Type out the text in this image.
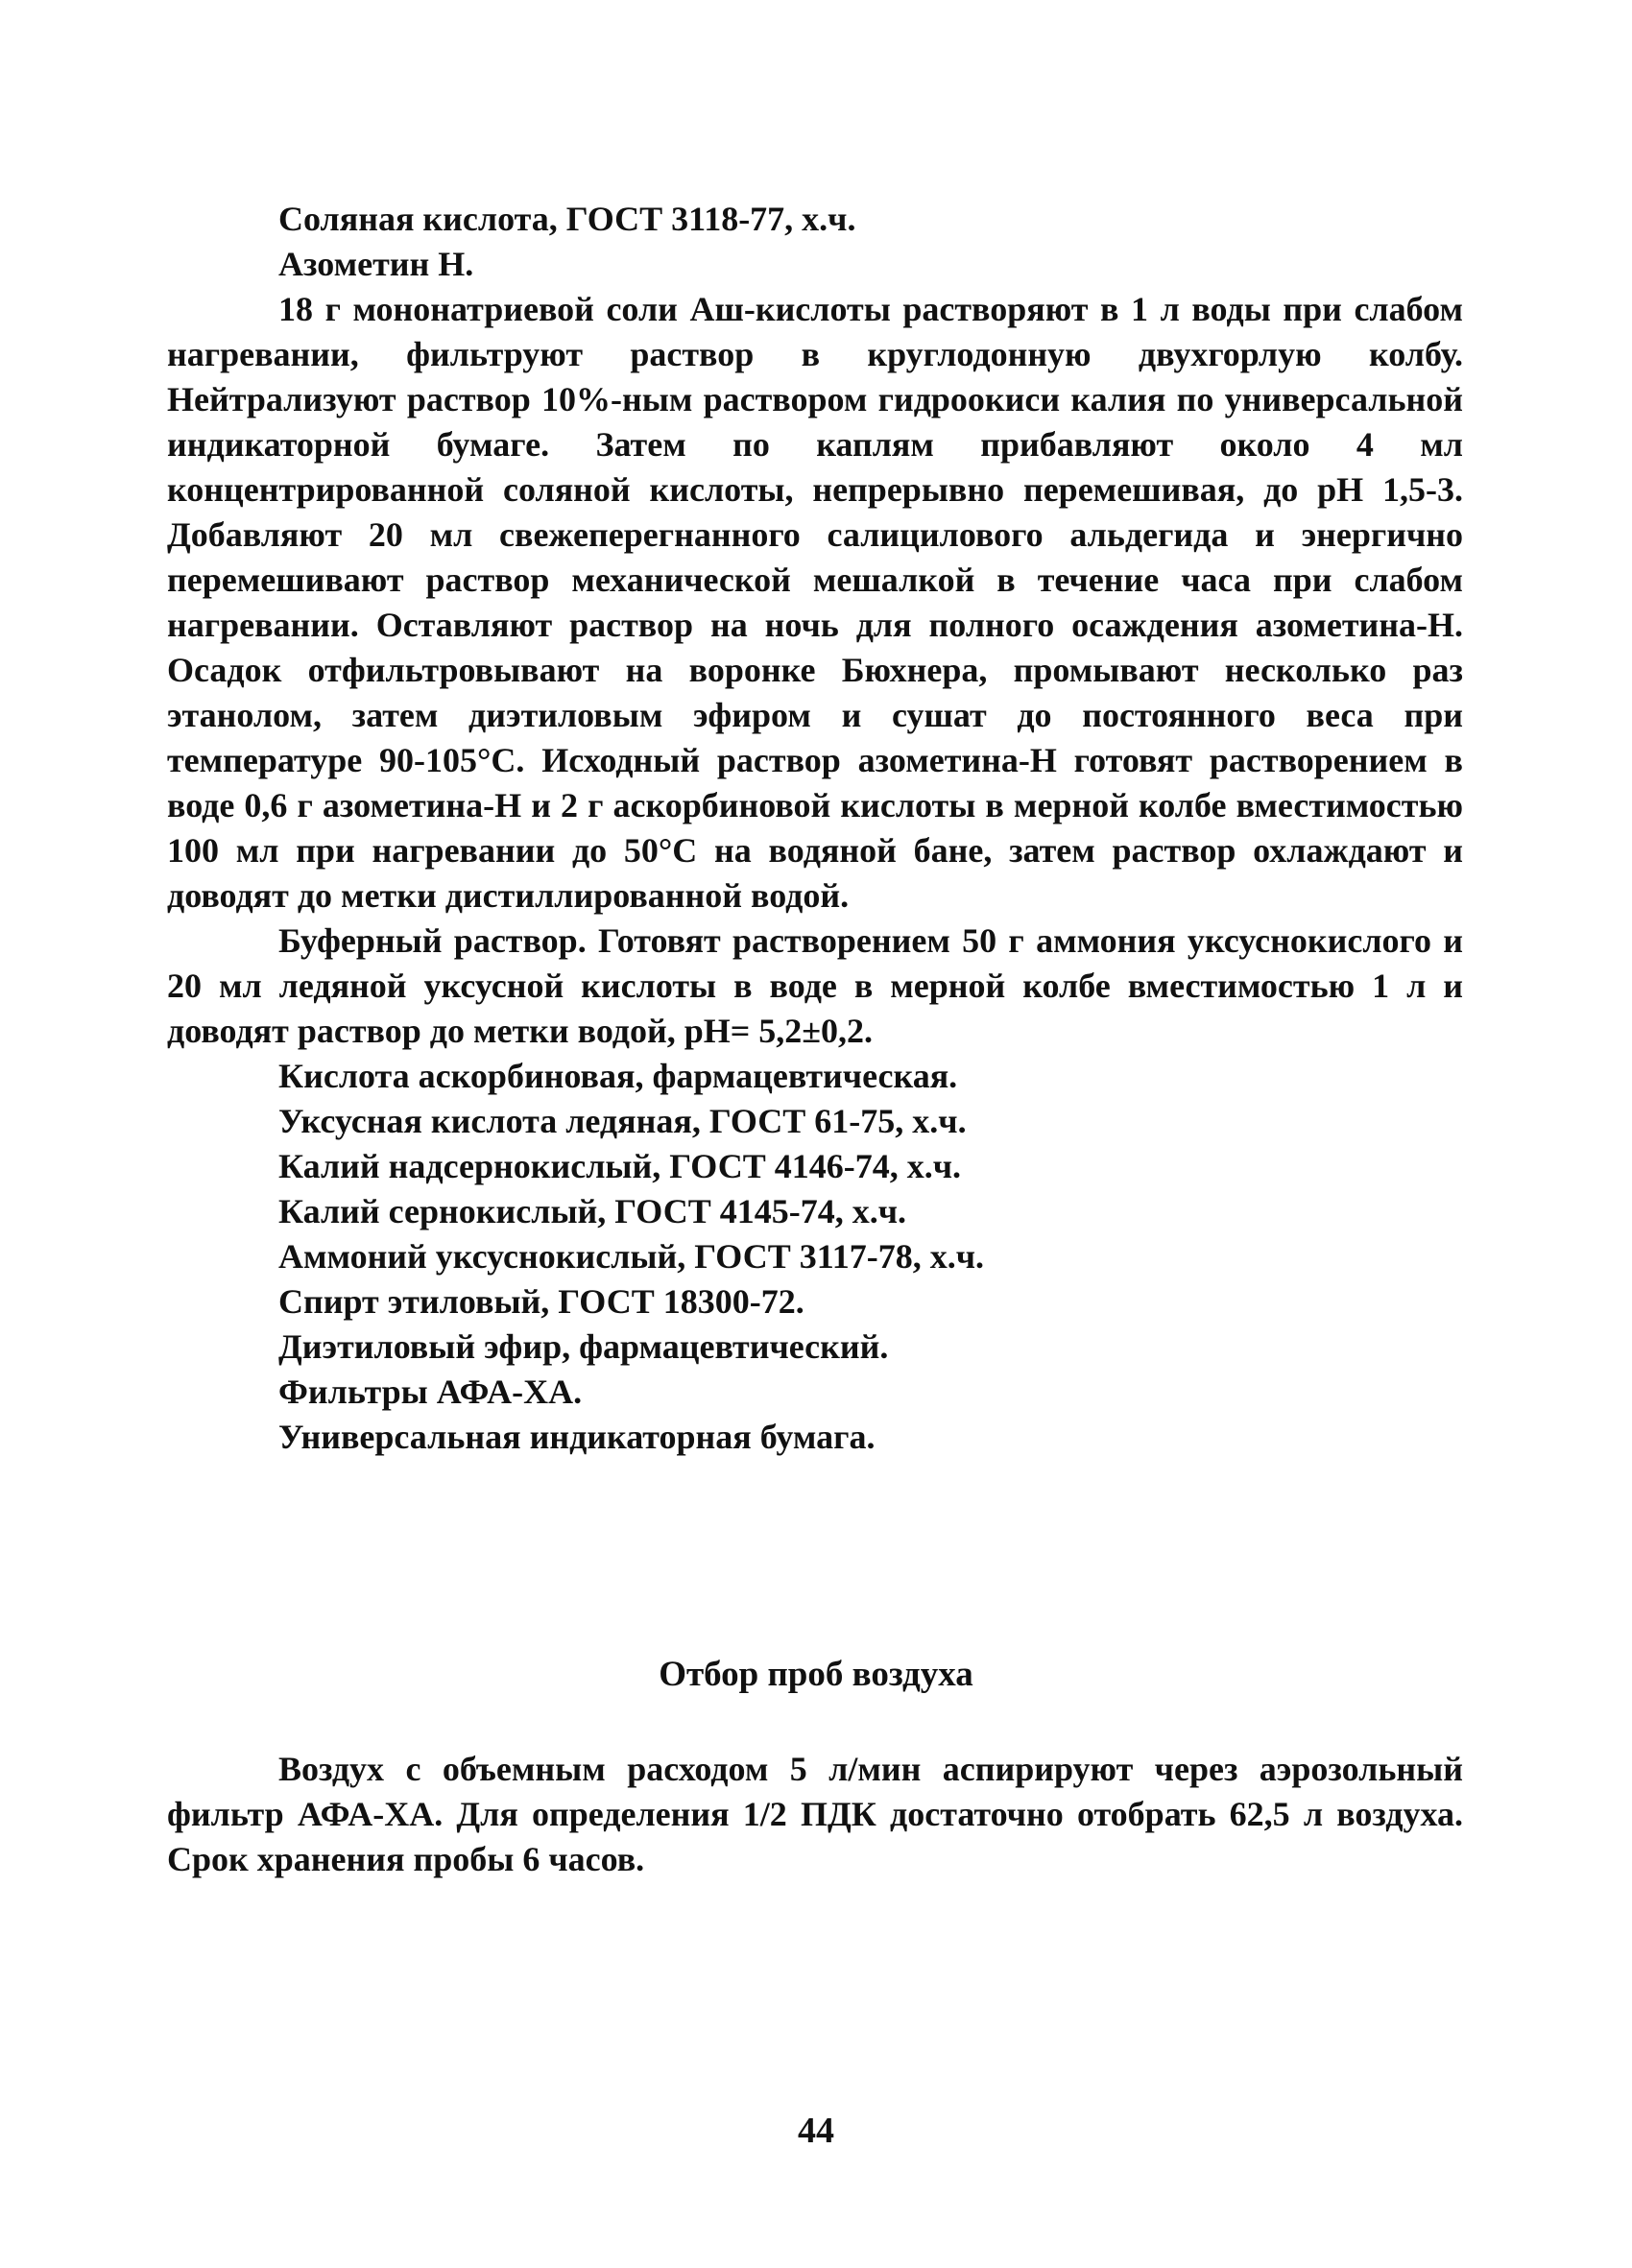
Соляная кислота, ГОСТ 3118-77, х.ч.
Азометин Н.

18 г мононатриевой соли Аш-кислоты растворяют в 1 л воды при слабом нагревании, фильтруют раствор в круглодонную двухгорлую колбу. Нейтрализуют раствор 10%-ным раствором гидроокиси калия по универсальной индикаторной бумаге. Затем по каплям прибавляют около 4 мл концентрированной соляной кислоты, непрерывно перемешивая, до pH 1,5-3. Добавляют 20 мл свежеперегнанного салицилового альдегида и энергично перемешивают раствор механической мешалкой в течение часа при слабом нагревании. Оставляют раствор на ночь для полного осаждения азометина-Н. Осадок отфильтровывают на воронке Бюхнера, промывают несколько раз этанолом, затем диэтиловым эфиром и сушат до постоянного веса при температуре 90-105°С. Исходный раствор азометина-Н готовят растворением в воде 0,6 г азометина-Н и 2 г аскорбиновой кислоты в мерной колбе вместимостью 100 мл при нагревании до 50°С на водяной бане, затем раствор охлаждают и доводят до метки дистиллированной водой.

Буферный раствор. Готовят растворением 50 г аммония уксуснокислого и 20 мл ледяной уксусной кислоты в воде в мерной колбе вместимостью 1 л и доводят раствор до метки водой, pH= 5,2±0,2.

Кислота аскорбиновая, фармацевтическая.
Уксусная кислота ледяная, ГОСТ 61-75, х.ч.
Калий надсернокислый, ГОСТ 4146-74, х.ч.
Калий сернокислый, ГОСТ 4145-74, х.ч.
Аммоний уксуснокислый, ГОСТ 3117-78, х.ч.
Спирт этиловый, ГОСТ 18300-72.
Диэтиловый эфир, фармацевтический.
Фильтры АФА-ХА.
Универсальная индикаторная бумага.
Отбор проб воздуха

Воздух с объемным расходом 5 л/мин аспирируют через аэрозольный фильтр АФА-ХА. Для определения 1/2 ПДК достаточно отобрать 62,5 л воздуха. Срок хранения пробы 6 часов.

44
